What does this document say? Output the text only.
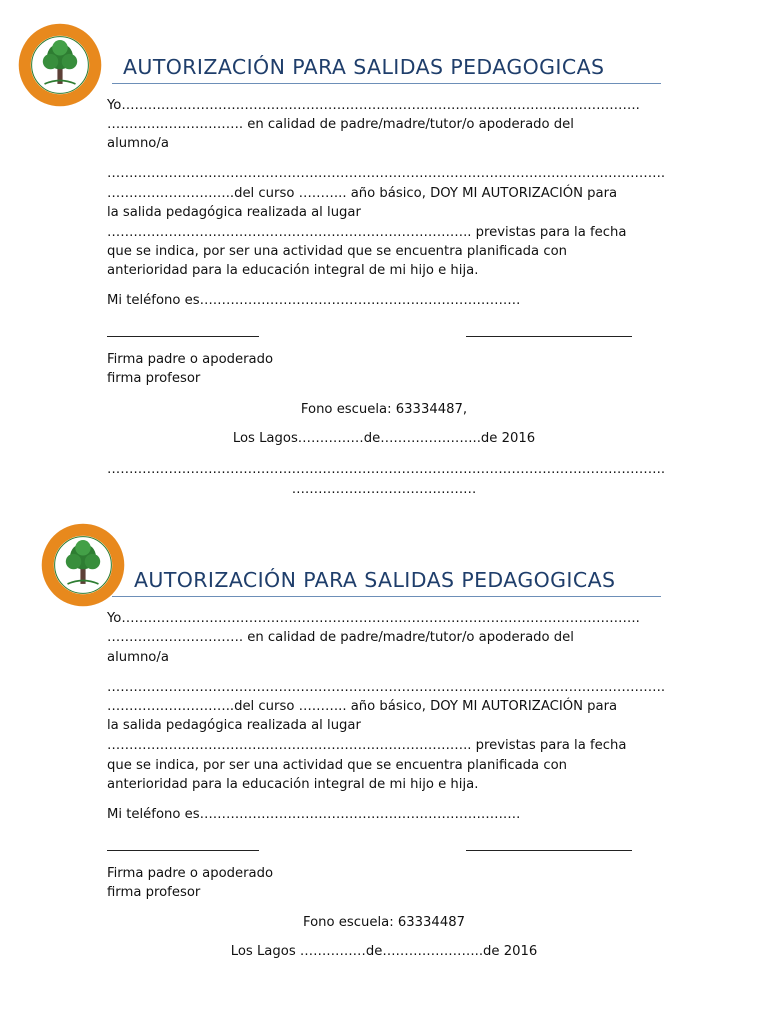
AUTORIZACIÓN PARA SALIDAS PEDAGOGICAS
Yo……………………………………………………………………………………………………….
…………………………. en calidad de padre/madre/tutor/o apoderado del
alumno/a
……………………………………………………………………………………………………………….
………………………..del curso ……….. año básico, DOY MI AUTORIZACIÓN para
la salida pedagógica realizada al lugar
……………………………………………………………………….. previstas para la fecha
que se indica, por ser una actividad que se encuentra planificada con
anterioridad para la educación integral de mi hijo e hija.
Mi teléfono es……………………………………………………………….
Firma padre o apoderado
firma profesor
Fono escuela: 63334487,
Los Lagos……………de…………………..de 2016
……………………………………………………………………………………………………………….
……………………………………
AUTORIZACIÓN PARA SALIDAS PEDAGOGICAS
Yo……………………………………………………………………………………………………….
…………………………. en calidad de padre/madre/tutor/o apoderado del
alumno/a
……………………………………………………………………………………………………………….
………………………..del curso ……….. año básico, DOY MI AUTORIZACIÓN para
la salida pedagógica realizada al lugar
……………………………………………………………………….. previstas para la fecha
que se indica, por ser una actividad que se encuentra planificada con
anterioridad para la educación integral de mi hijo e hija.
Mi teléfono es……………………………………………………………….
Firma padre o apoderado
firma profesor
Fono escuela: 63334487
Los Lagos ……………de…………………..de 2016
